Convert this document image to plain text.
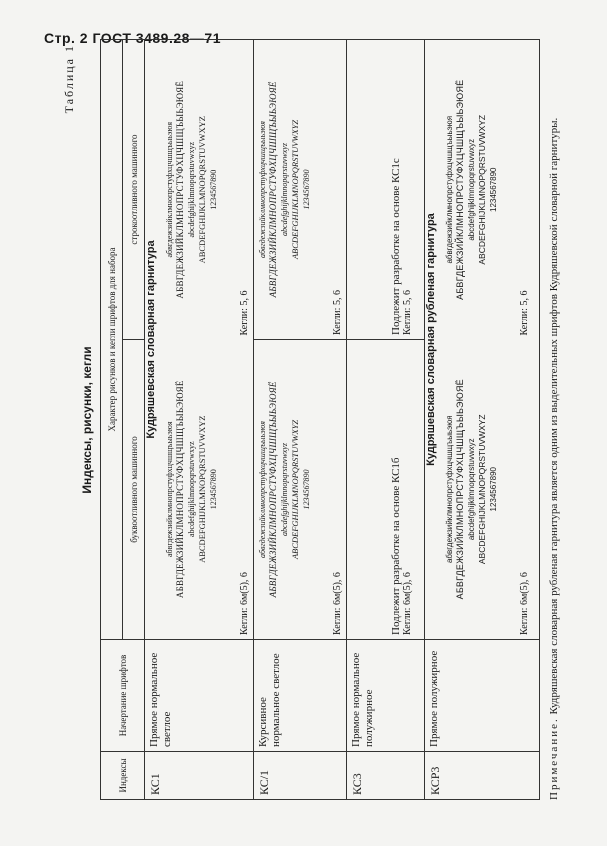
Стр. 2 ГОСТ 3489.28—71
Таблица 1
Индексы, рисунки, кегли
Индексы	Начертание шрифтов	Характер рисунков и кегли шрифтов для набора
буквоотливного машинного	строкоотливного машинного
КС1	Прямое нормальное светлое	
Кудряшевская словарная гарнитура
абвгдежзийклмнопрстуфхцчшщъыьэюя АБВГДЕЖЗИЙКЛМНОПРСТУФХЦЧШЩЪЫЬЭЮЯЁ abcdefghijklmnopqrstuvwxyz ABCDEFGHIJKLMNOPQRSTUVWXYZ 1234567890
Кегли: 6м(5), 6

абвгдежзийклмнопрстуфхцчшщъыьэюя АБВГДЕЖЗИЙКЛМНОПРСТУФХЦЧШЩЪЫЬЭЮЯЁ abcdefghijklmnopqrstuvwxyz ABCDEFGHIJKLMNOPQRSTUVWXYZ 1234567890
Кегли: 5, 6

КС/1	Курсивное нормальное светлое	
абвгдежзийклмнопрстуфхцчшщъыьэюя АБВГДЕЖЗИЙКЛМНОПРСТУФХЦЧШЩЪЫЬЭЮЯЁ abcdefghijklmnopqrstuvwxyz ABCDEFGHIJKLMNOPQRSTUVWXYZ 1234567890
Кегли: 6м(5), 6

абвгдежзийклмнопрстуфхцчшщъыьэюя АБВГДЕЖЗИЙКЛМНОПРСТУФХЦЧШЩЪЫЬЭЮЯЁ abcdefghijklmnopqrstuvwxyz ABCDEFGHIJKLMNOPQRSTUVWXYZ 1234567890
Кегли: 5, 6

КС3	Прямое нормальное полужирное	
Подлежит разработке на основе КС1б Кегли: 6м(5), 6

Подлежит разработке на основе КС1с Кегли: 5, 6

КСР3	Прямое полужирное	
Кудряшевская словарная рубленая гарнитура
абвгдежзийклмнопрстуфхцчшщъыьэюя АБВГДЕЖЗИЙКЛМНОПРСТУФХЦЧШЩЪЫЬЭЮЯЁ abcdefghijklmnopqrstuvwxyz ABCDEFGHIJKLMNOPQRSTUVWXYZ 1234567890
Кегли: 6м(5), 6

абвгдежзийклмнопрстуфхцчшщъыьэюя АБВГДЕЖЗИЙКЛМНОПРСТУФХЦЧШЩЪЫЬЭЮЯЁ abcdefghijklmnopqrstuvwxyz ABCDEFGHIJKLMNOPQRSTUVWXYZ 1234567890
Кегли: 5, 6
Примечание. Кудряшевская словарная рубленая гарнитура является одним из выделительных шрифтов Кудряшевской словарной гарнитуры.
